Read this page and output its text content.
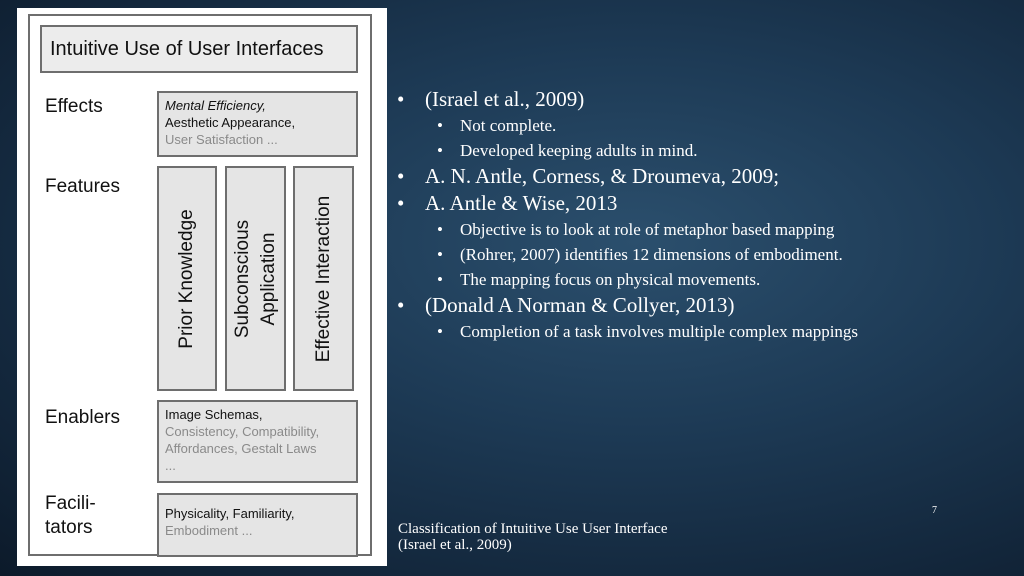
Intuitive Use of User Interfaces
Effects	Mental Efficiency,
Aesthetic Appearance,
User Satisfaction ...
Features
Prior Knowledge Subconscious Application Effective Interaction
Enablers	Image Schemas,
Consistency, Compatibility,
Affordances, Gestalt Laws
...
Facili-
tators
Physicality, Familiarity,
Embodiment ...
• (Israel et al., 2009)
• Not complete.
• Developed keeping adults in mind.
• A. N. Antle, Corness, & Droumeva, 2009;
• A. Antle & Wise, 2013
• Objective is to look at role of metaphor based mapping
• (Rohrer, 2007) identifies 12 dimensions of embodiment.
• The mapping focus on physical movements.
• (Donald A Norman & Collyer, 2013)
• Completion of a task involves multiple complex mappings
7
Classification of Intuitive Use User Interface
(Israel et al., 2009)
